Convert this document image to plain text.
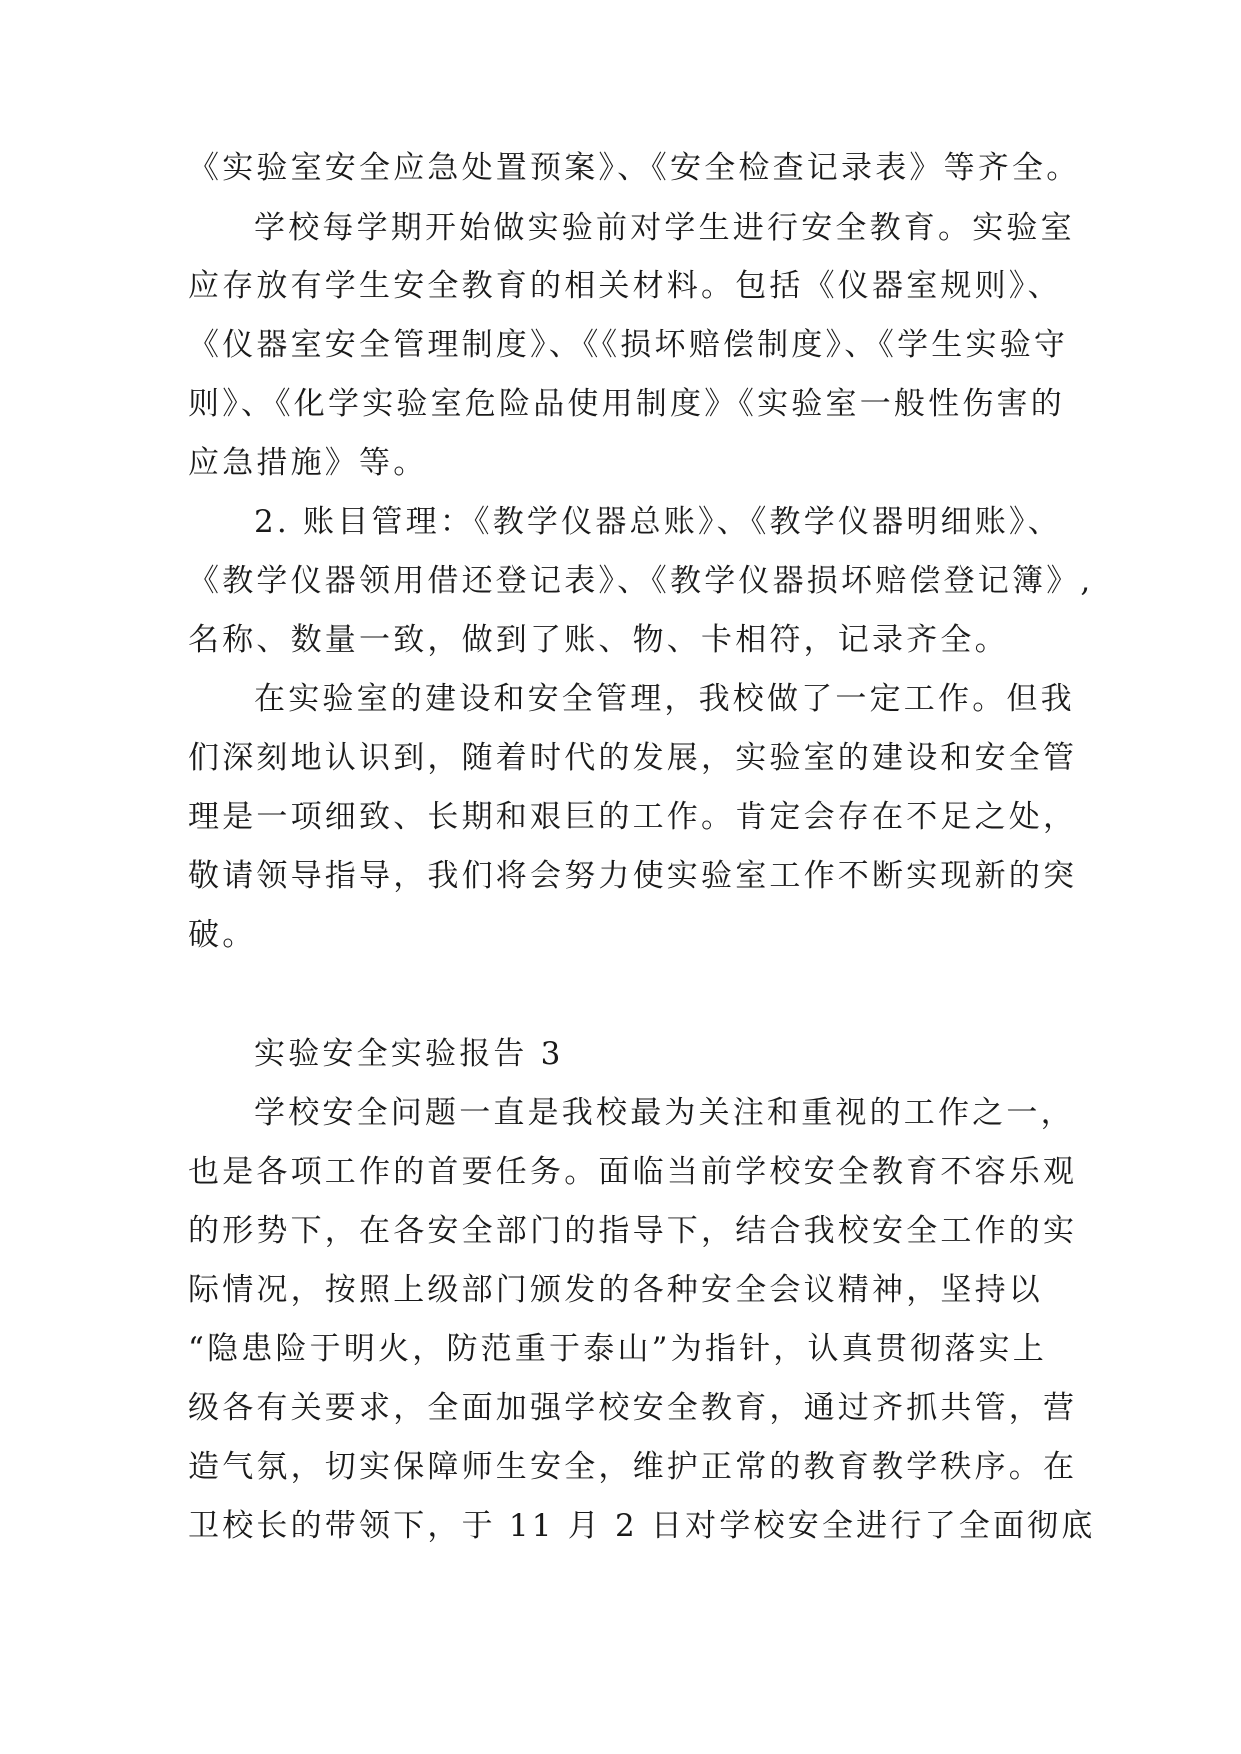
《实验室安全应急处置预案》、《安全检查记录表》等齐全。
学校每学期开始做实验前对学生进行安全教育。实验室
应存放有学生安全教育的相关材料。包括《仪器室规则》、
《仪器室安全管理制度》、《《损坏赔偿制度》、《学生实验守
则》、《化学实验室危险品使用制度》《实验室一般性伤害的
应急措施》等。
2. 账目管理：《教学仪器总账》、《教学仪器明细账》、
《教学仪器领用借还登记表》、《教学仪器损坏赔偿登记簿》,
名称、数量一致，做到了账、物、卡相符，记录齐全。
在实验室的建设和安全管理，我校做了一定工作。但我
们深刻地认识到，随着时代的发展，实验室的建设和安全管
理是一项细致、长期和艰巨的工作。肯定会存在不足之处，
敬请领导指导，我们将会努力使实验室工作不断实现新的突
破。
实验安全实验报告 3
学校安全问题一直是我校最为关注和重视的工作之一，
也是各项工作的首要任务。面临当前学校安全教育不容乐观
的形势下，在各安全部门的指导下，结合我校安全工作的实
际情况，按照上级部门颁发的各种安全会议精神，坚持以
“隐患险于明火，防范重于泰山”为指针，认真贯彻落实上
级各有关要求，全面加强学校安全教育，通过齐抓共管，营
造气氛，切实保障师生安全，维护正常的教育教学秩序。在
卫校长的带领下，于 11 月 2 日对学校安全进行了全面彻底
